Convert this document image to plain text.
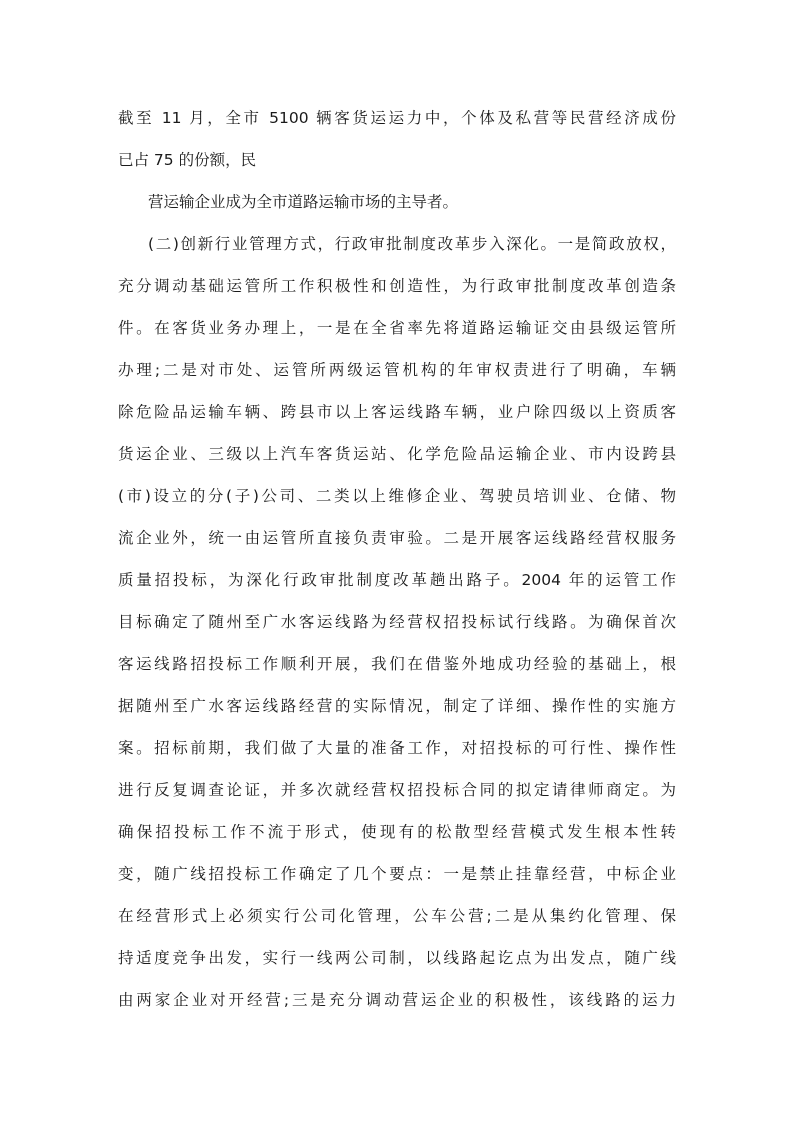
截至 11 月，全市 5100 辆客货运运力中，个体及私营等民营经济成份
已占 75 的份额，民
营运输企业成为全市道路运输市场的主导者。
(二)创新行业管理方式，行政审批制度改革步入深化。一是简政放权，
充分调动基础运管所工作积极性和创造性，为行政审批制度改革创造条
件。在客货业务办理上，一是在全省率先将道路运输证交由县级运管所
办理;二是对市处、运管所两级运管机构的年审权责进行了明确，车辆
除危险品运输车辆、跨县市以上客运线路车辆，业户除四级以上资质客
货运企业、三级以上汽车客货运站、化学危险品运输企业、市内设跨县
(市)设立的分(子)公司、二类以上维修企业、驾驶员培训业、仓储、物
流企业外，统一由运管所直接负责审验。二是开展客运线路经营权服务
质量招投标，为深化行政审批制度改革趟出路子。2004 年的运管工作
目标确定了随州至广水客运线路为经营权招投标试行线路。为确保首次
客运线路招投标工作顺利开展，我们在借鉴外地成功经验的基础上，根
据随州至广水客运线路经营的实际情况，制定了详细、操作性的实施方
案。招标前期，我们做了大量的准备工作，对招投标的可行性、操作性
进行反复调查论证，并多次就经营权招投标合同的拟定请律师商定。为
确保招投标工作不流于形式，使现有的松散型经营模式发生根本性转
变，随广线招投标工作确定了几个要点：一是禁止挂靠经营，中标企业
在经营形式上必须实行公司化管理，公车公营;二是从集约化管理、保
持适度竞争出发，实行一线两公司制，以线路起讫点为出发点，随广线
由两家企业对开经营;三是充分调动营运企业的积极性，该线路的运力
